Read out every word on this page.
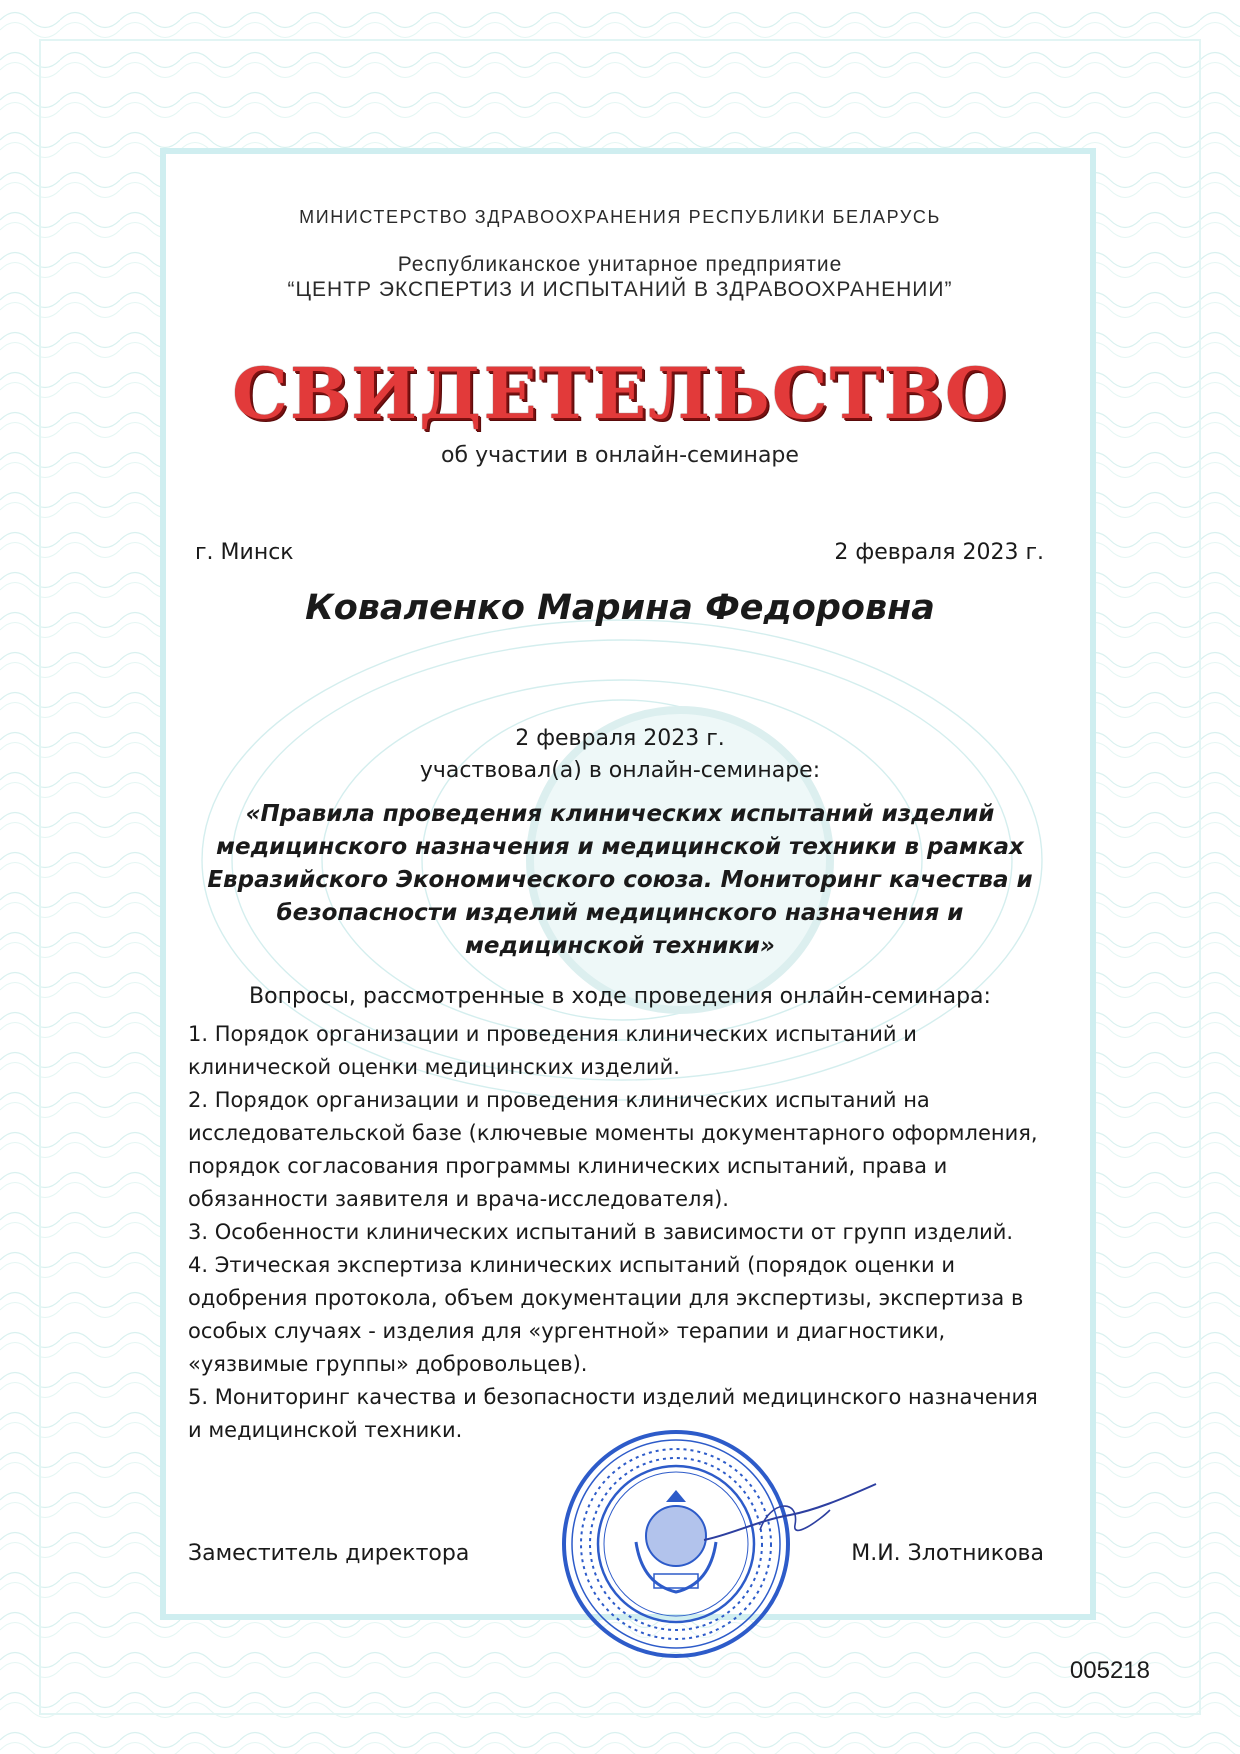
МИНИСТЕРСТВО ЗДРАВООХРАНЕНИЯ РЕСПУБЛИКИ БЕЛАРУСЬ
Республиканское унитарное предприятие
“ЦЕНТР ЭКСПЕРТИЗ И ИСПЫТАНИЙ В ЗДРАВООХРАНЕНИИ”
СВИДЕТЕЛЬСТВО
об участии в онлайн-семинаре
г. Минск	2 февраля 2023 г.
Коваленко Марина Федоровна
2 февраля 2023 г.
участвовал(а) в онлайн-семинаре:
«Правила проведения клинических испытаний изделий медицинского назначения и медицинской техники в рамках Евразийского Экономического союза. Мониторинг качества и безопасности изделий медицинского назначения и медицинской техники»
Вопросы, рассмотренные в ходе проведения онлайн-семинара:
1. Порядок организации и проведения клинических испытаний и клинической оценки медицинских изделий.
2. Порядок организации и проведения клинических испытаний на исследовательской базе (ключевые моменты документарного оформления, порядок согласования программы клинических испытаний, права и обязанности заявителя и врача-исследователя).
3. Особенности клинических испытаний в зависимости от групп изделий.
4. Этическая экспертиза клинических испытаний (порядок оценки и одобрения протокола, объем документации для экспертизы, экспертиза в особых случаях - изделия для «ургентной» терапии и диагностики, «уязвимые группы» добровольцев).
5. Мониторинг качества и безопасности изделий медицинского назначения и медицинской техники.
Заместитель директора	М.И. Злотникова
005218
